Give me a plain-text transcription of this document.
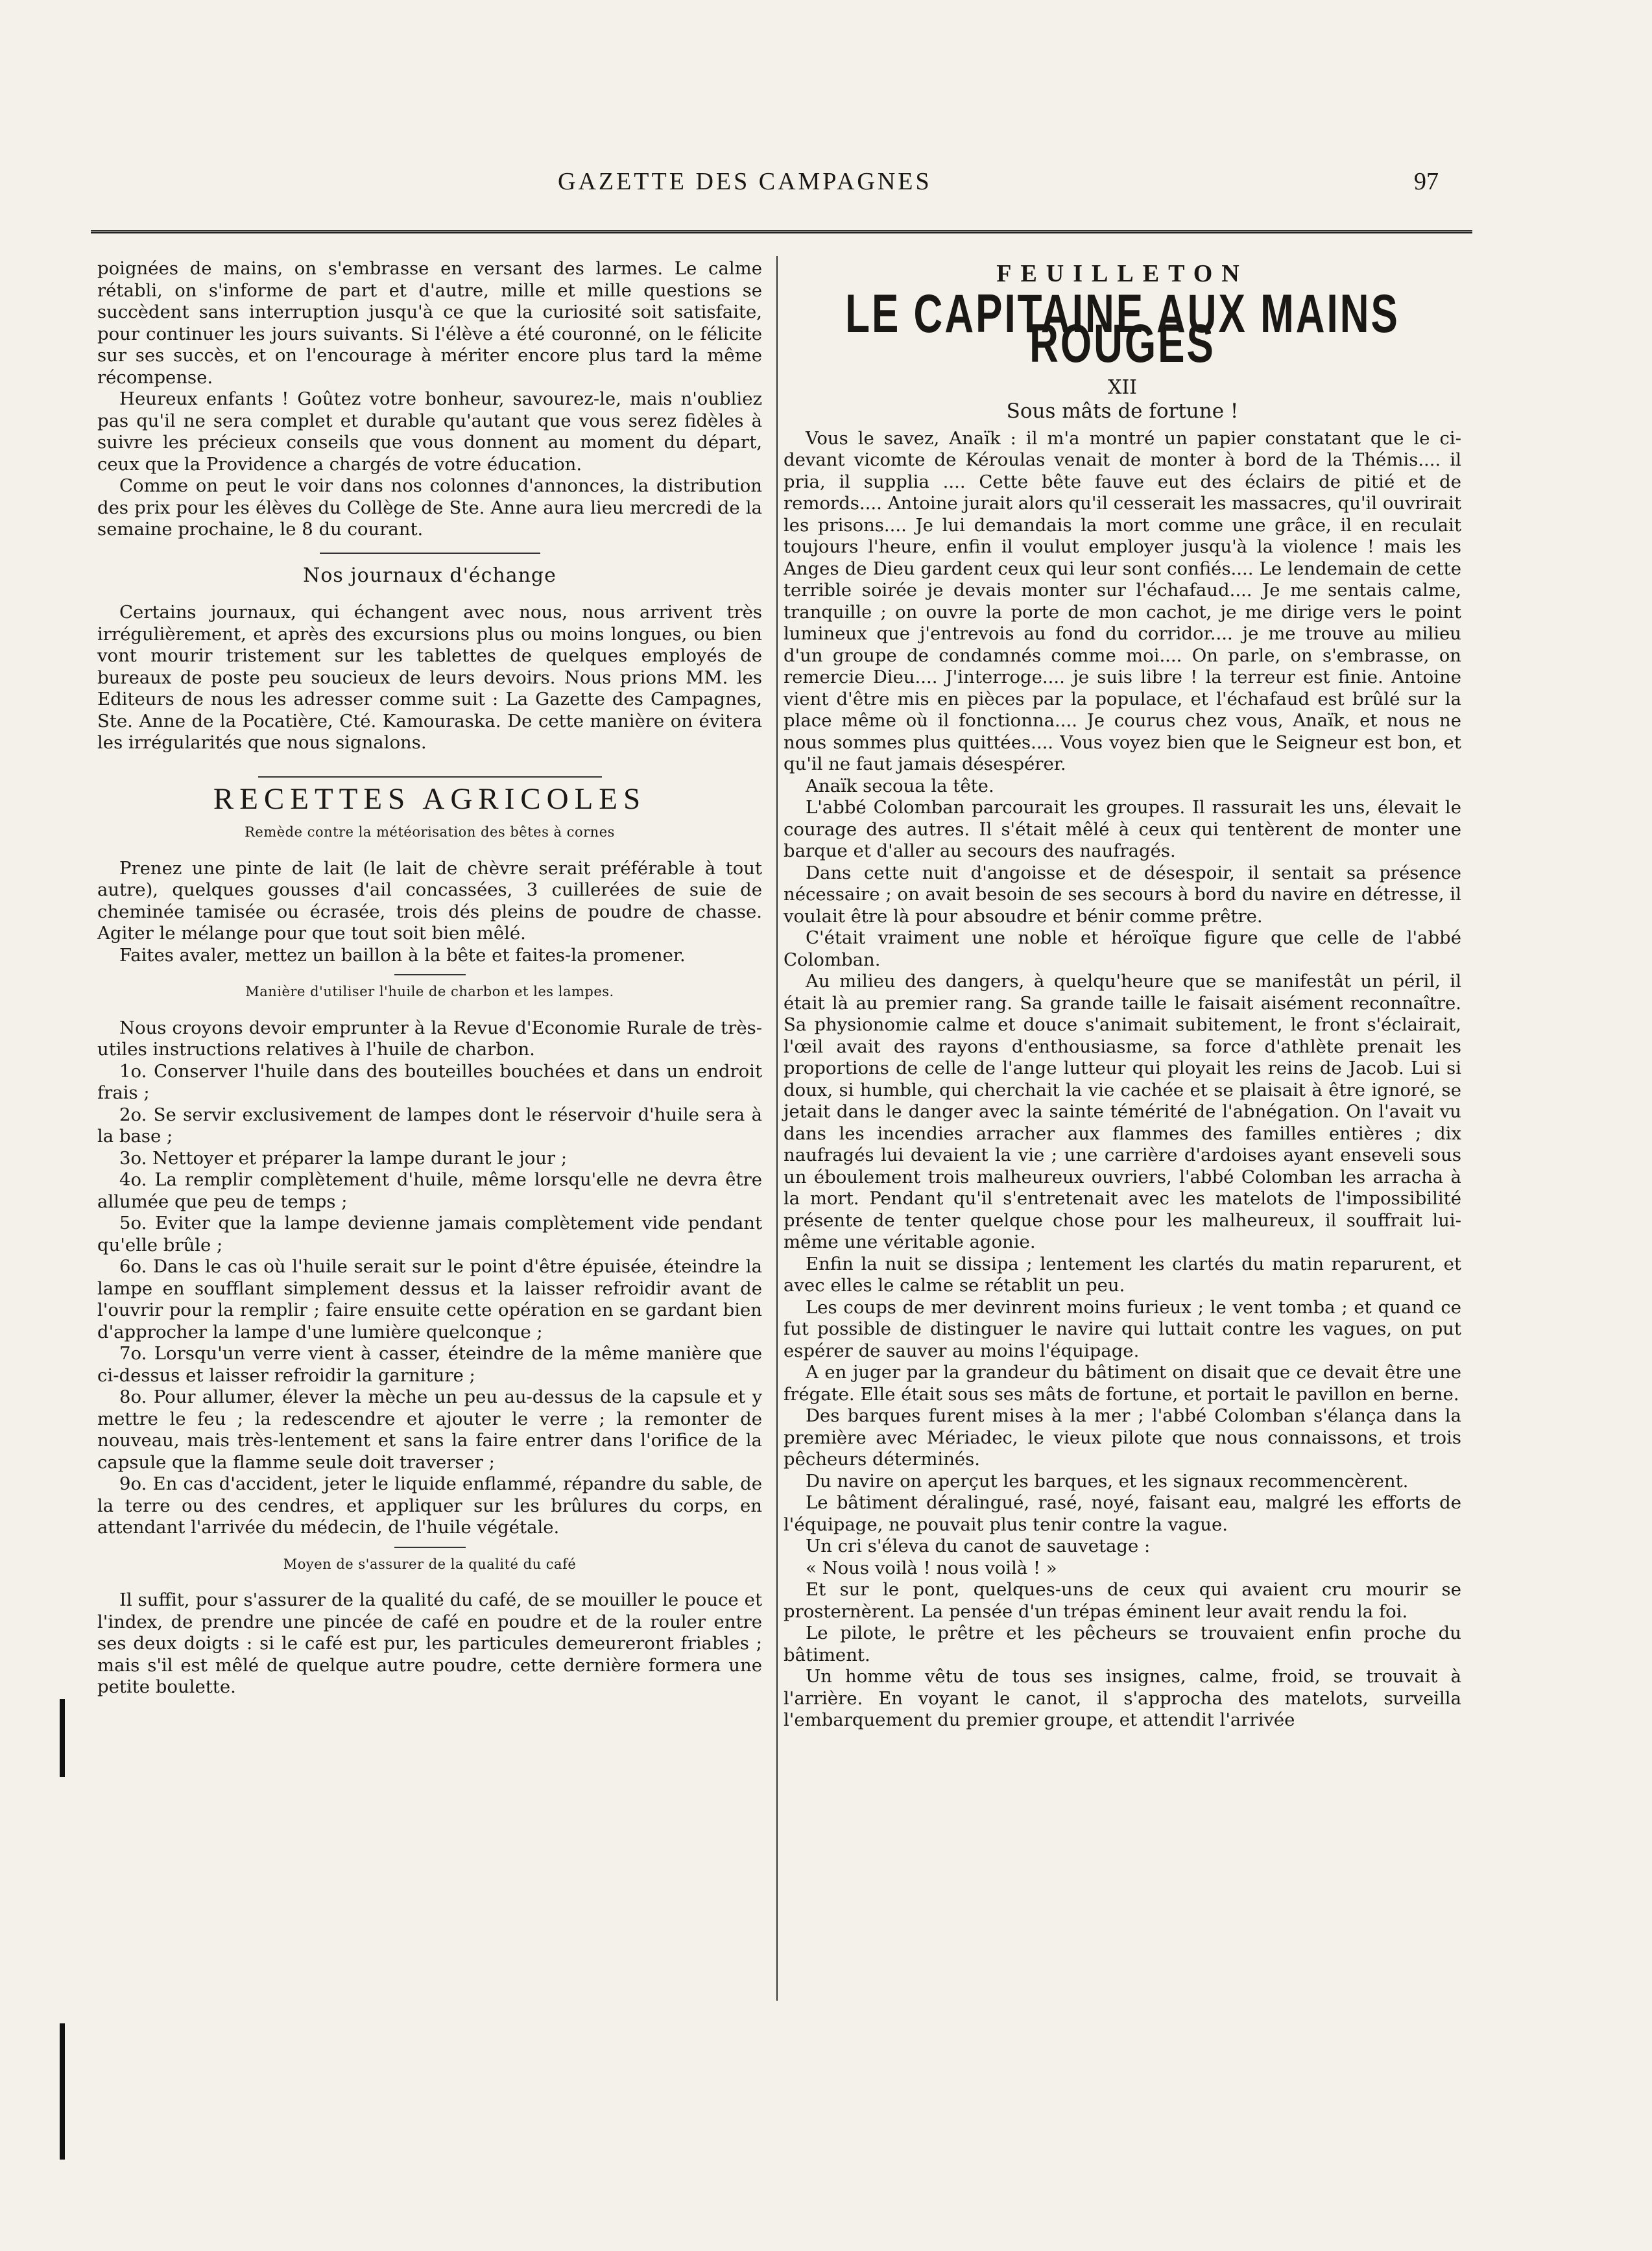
GAZETTE DES CAMPAGNES	97

poignées de mains, on s'embrasse en versant des larmes. Le calme rétabli, on s'informe de part et d'autre, mille et mille questions se succèdent sans interruption jusqu'à ce que la curiosité soit satisfaite, pour continuer les jours suivants. Si l'élève a été couronné, on le félicite sur ses succès, et on l'encourage à mériter encore plus tard la même récompense.

Heureux enfants ! Goûtez votre bonheur, savourez-le, mais n'oubliez pas qu'il ne sera complet et durable qu'autant que vous serez fidèles à suivre les précieux conseils que vous donnent au moment du départ, ceux que la Providence a chargés de votre éducation.

Comme on peut le voir dans nos colonnes d'annonces, la distribution des prix pour les élèves du Collège de Ste. Anne aura lieu mercredi de la semaine prochaine, le 8 du courant.

Nos journaux d'échange

Certains journaux, qui échangent avec nous, nous arrivent très irrégulièrement, et après des excursions plus ou moins longues, ou bien vont mourir tristement sur les tablettes de quelques employés de bureaux de poste peu soucieux de leurs devoirs. Nous prions MM. les Editeurs de nous les adresser comme suit : La Gazette des Campagnes, Ste. Anne de la Pocatière, Cté. Kamouraska. De cette manière on évitera les irrégularités que nous signalons.

RECETTES AGRICOLES
Remède contre la météorisation des bêtes à cornes

Prenez une pinte de lait (le lait de chèvre serait préférable à tout autre), quelques gousses d'ail concassées, 3 cuillerées de suie de cheminée tamisée ou écrasée, trois dés pleins de poudre de chasse. Agiter le mélange pour que tout soit bien mêlé.

Faites avaler, mettez un baillon à la bête et faites-la promener.

Manière d'utiliser l'huile de charbon et les lampes.

Nous croyons devoir emprunter à la Revue d'Economie Rurale de très-utiles instructions relatives à l'huile de charbon.

1o. Conserver l'huile dans des bouteilles bouchées et dans un endroit frais ;

2o. Se servir exclusivement de lampes dont le réservoir d'huile sera à la base ;

3o. Nettoyer et préparer la lampe durant le jour ;

4o. La remplir complètement d'huile, même lorsqu'elle ne devra être allumée que peu de temps ;

5o. Eviter que la lampe devienne jamais complètement vide pendant qu'elle brûle ;

6o. Dans le cas où l'huile serait sur le point d'être épuisée, éteindre la lampe en soufflant simplement dessus et la laisser refroidir avant de l'ouvrir pour la remplir ; faire ensuite cette opération en se gardant bien d'approcher la lampe d'une lumière quelconque ;

7o. Lorsqu'un verre vient à casser, éteindre de la même manière que ci-dessus et laisser refroidir la garniture ;

8o. Pour allumer, élever la mèche un peu au-dessus de la capsule et y mettre le feu ; la redescendre et ajouter le verre ; la remonter de nouveau, mais très-lentement et sans la faire entrer dans l'orifice de la capsule que la flamme seule doit traverser ;

9o. En cas d'accident, jeter le liquide enflammé, répandre du sable, de la terre ou des cendres, et appliquer sur les brûlures du corps, en attendant l'arrivée du médecin, de l'huile végétale.

Moyen de s'assurer de la qualité du café

Il suffit, pour s'assurer de la qualité du café, de se mouiller le pouce et l'index, de prendre une pincée de café en poudre et de la rouler entre ses deux doigts : si le café est pur, les particules demeureront friables ; mais s'il est mêlé de quelque autre poudre, cette dernière formera une petite boulette.

FEUILLETON
LE CAPITAINE AUX MAINS ROUGES
XII
Sous mâts de fortune !

Vous le savez, Anaïk : il m'a montré un papier constatant que le ci-devant vicomte de Kéroulas venait de monter à bord de la Thémis.... il pria, il supplia .... Cette bête fauve eut des éclairs de pitié et de remords.... Antoine jurait alors qu'il cesserait les massacres, qu'il ouvrirait les prisons.... Je lui demandais la mort comme une grâce, il en reculait toujours l'heure, enfin il voulut employer jusqu'à la violence ! mais les Anges de Dieu gardent ceux qui leur sont confiés.... Le lendemain de cette terrible soirée je devais monter sur l'échafaud.... Je me sentais calme, tranquille ; on ouvre la porte de mon cachot, je me dirige vers le point lumineux que j'entrevois au fond du corridor.... je me trouve au milieu d'un groupe de condamnés comme moi.... On parle, on s'embrasse, on remercie Dieu.... J'interroge.... je suis libre ! la terreur est finie. Antoine vient d'être mis en pièces par la populace, et l'échafaud est brûlé sur la place même où il fonctionna.... Je courus chez vous, Anaïk, et nous ne nous sommes plus quittées.... Vous voyez bien que le Seigneur est bon, et qu'il ne faut jamais désespérer.

Anaïk secoua la tête.

L'abbé Colomban parcourait les groupes. Il rassurait les uns, élevait le courage des autres. Il s'était mêlé à ceux qui tentèrent de monter une barque et d'aller au secours des naufragés.

Dans cette nuit d'angoisse et de désespoir, il sentait sa présence nécessaire ; on avait besoin de ses secours à bord du navire en détresse, il voulait être là pour absoudre et bénir comme prêtre.

C'était vraiment une noble et héroïque figure que celle de l'abbé Colomban.

Au milieu des dangers, à quelqu'heure que se manifestât un péril, il était là au premier rang. Sa grande taille le faisait aisément reconnaître. Sa physionomie calme et douce s'animait subitement, le front s'éclairait, l'œil avait des rayons d'enthousiasme, sa force d'athlète prenait les proportions de celle de l'ange lutteur qui ployait les reins de Jacob. Lui si doux, si humble, qui cherchait la vie cachée et se plaisait à être ignoré, se jetait dans le danger avec la sainte témérité de l'abnégation. On l'avait vu dans les incendies arracher aux flammes des familles entières ; dix naufragés lui devaient la vie ; une carrière d'ardoises ayant enseveli sous un éboulement trois malheureux ouvriers, l'abbé Colomban les arracha à la mort. Pendant qu'il s'entretenait avec les matelots de l'impossibilité présente de tenter quelque chose pour les malheureux, il souffrait lui-même une véritable agonie.

Enfin la nuit se dissipa ; lentement les clartés du matin reparurent, et avec elles le calme se rétablit un peu.

Les coups de mer devinrent moins furieux ; le vent tomba ; et quand ce fut possible de distinguer le navire qui luttait contre les vagues, on put espérer de sauver au moins l'équipage.

A en juger par la grandeur du bâtiment on disait que ce devait être une frégate. Elle était sous ses mâts de fortune, et portait le pavillon en berne.

Des barques furent mises à la mer ; l'abbé Colomban s'élança dans la première avec Mériadec, le vieux pilote que nous connaissons, et trois pêcheurs déterminés.

Du navire on aperçut les barques, et les signaux recommencèrent.

Le bâtiment déralingué, rasé, noyé, faisant eau, malgré les efforts de l'équipage, ne pouvait plus tenir contre la vague.

Un cri s'éleva du canot de sauvetage :

« Nous voilà ! nous voilà ! »

Et sur le pont, quelques-uns de ceux qui avaient cru mourir se prosternèrent. La pensée d'un trépas éminent leur avait rendu la foi.

Le pilote, le prêtre et les pêcheurs se trouvaient enfin proche du bâtiment.

Un homme vêtu de tous ses insignes, calme, froid, se trouvait à l'arrière. En voyant le canot, il s'approcha des matelots, surveilla l'embarquement du premier groupe, et attendit l'arrivée
